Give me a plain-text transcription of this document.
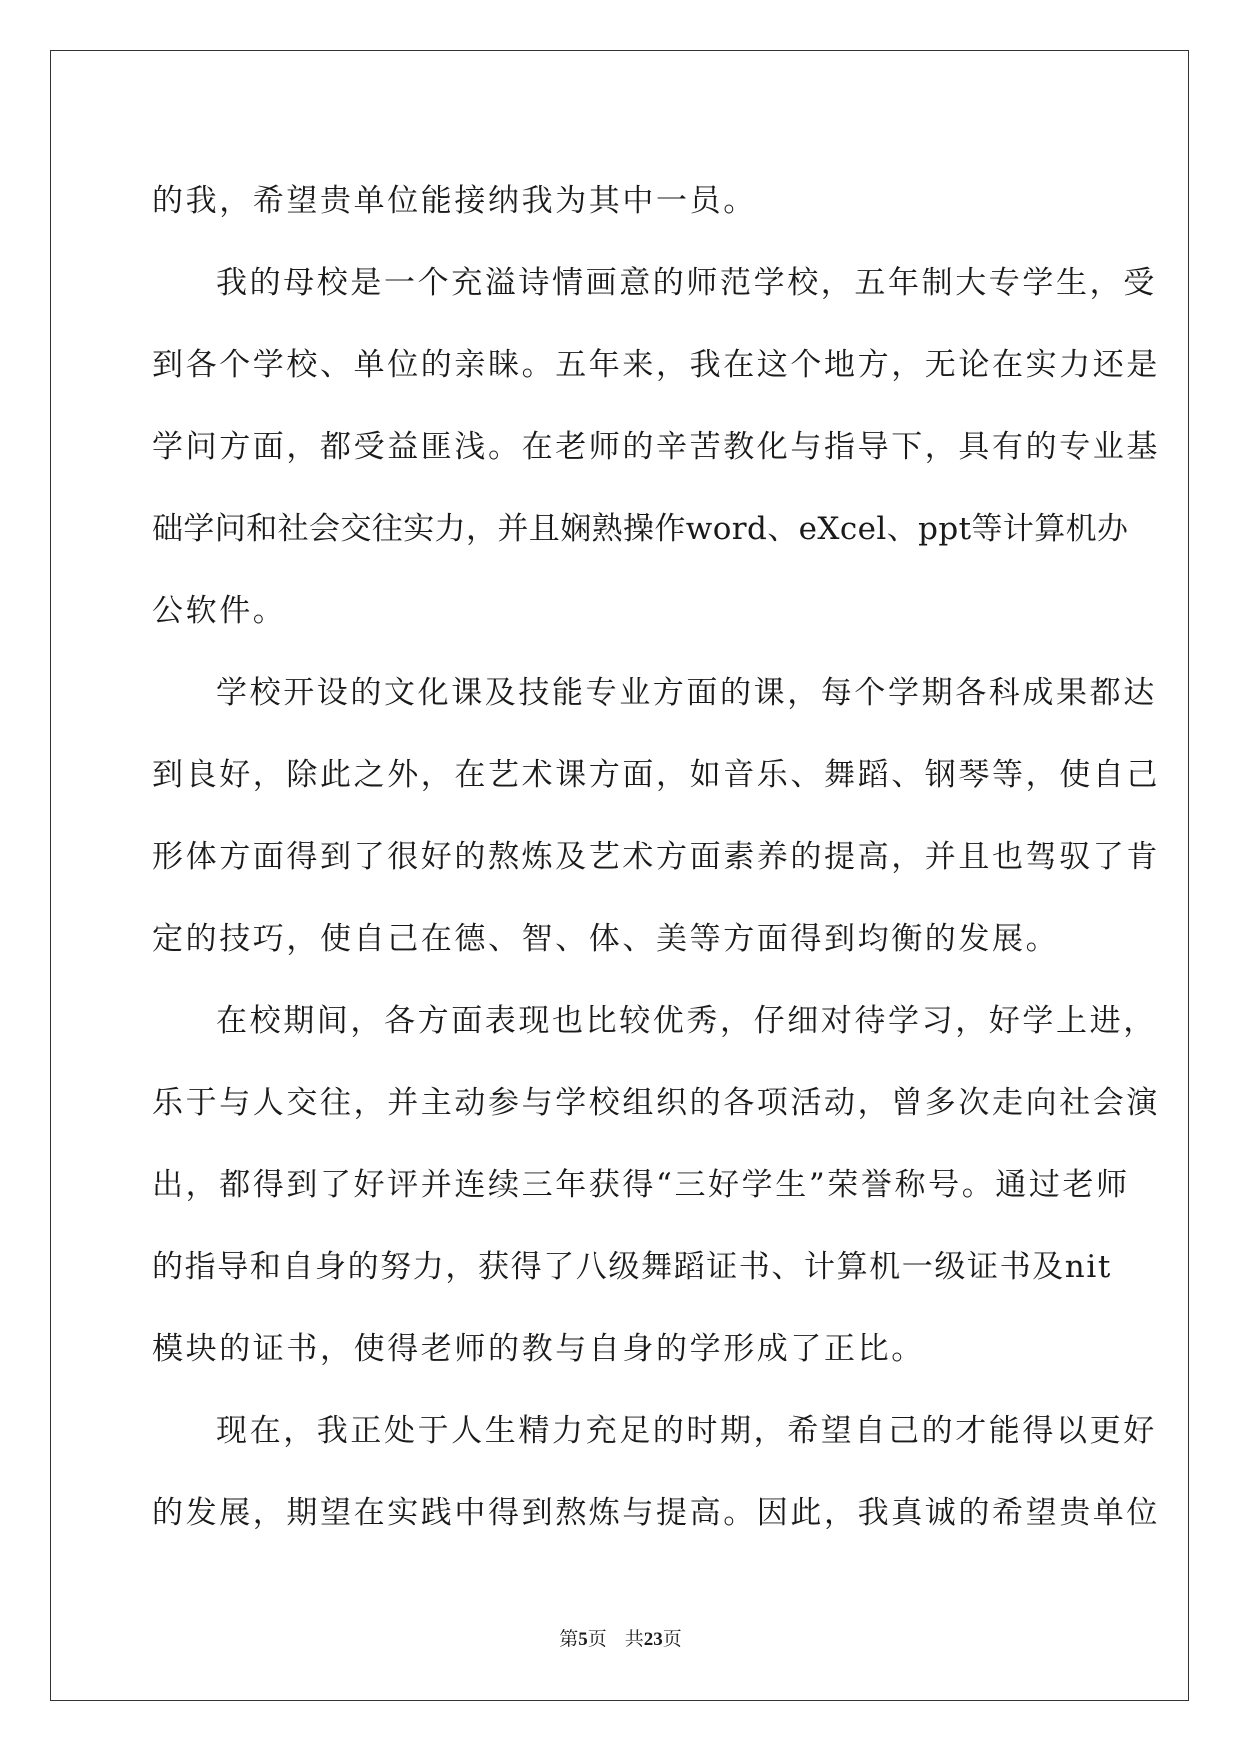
的我，希望贵单位能接纳我为其中一员。
我的母校是一个充溢诗情画意的师范学校，五年制大专学生，受
到各个学校、单位的亲睐。五年来，我在这个地方，无论在实力还是
学问方面，都受益匪浅。在老师的辛苦教化与指导下，具有的专业基
础学问和社会交往实力，并且娴熟操作word、eXcel、ppt等计算机办
公软件。
学校开设的文化课及技能专业方面的课，每个学期各科成果都达
到良好，除此之外，在艺术课方面，如音乐、舞蹈、钢琴等，使自己
形体方面得到了很好的熬炼及艺术方面素养的提高，并且也驾驭了肯
定的技巧，使自己在德、智、体、美等方面得到均衡的发展。
在校期间，各方面表现也比较优秀，仔细对待学习，好学上进，
乐于与人交往，并主动参与学校组织的各项活动，曾多次走向社会演
出，都得到了好评并连续三年获得“三好学生”荣誉称号。通过老师
的指导和自身的努力，获得了八级舞蹈证书、计算机一级证书及nit
模块的证书，使得老师的教与自身的学形成了正比。
现在，我正处于人生精力充足的时期，希望自己的才能得以更好
的发展，期望在实践中得到熬炼与提高。因此，我真诚的希望贵单位
第5页 共23页
